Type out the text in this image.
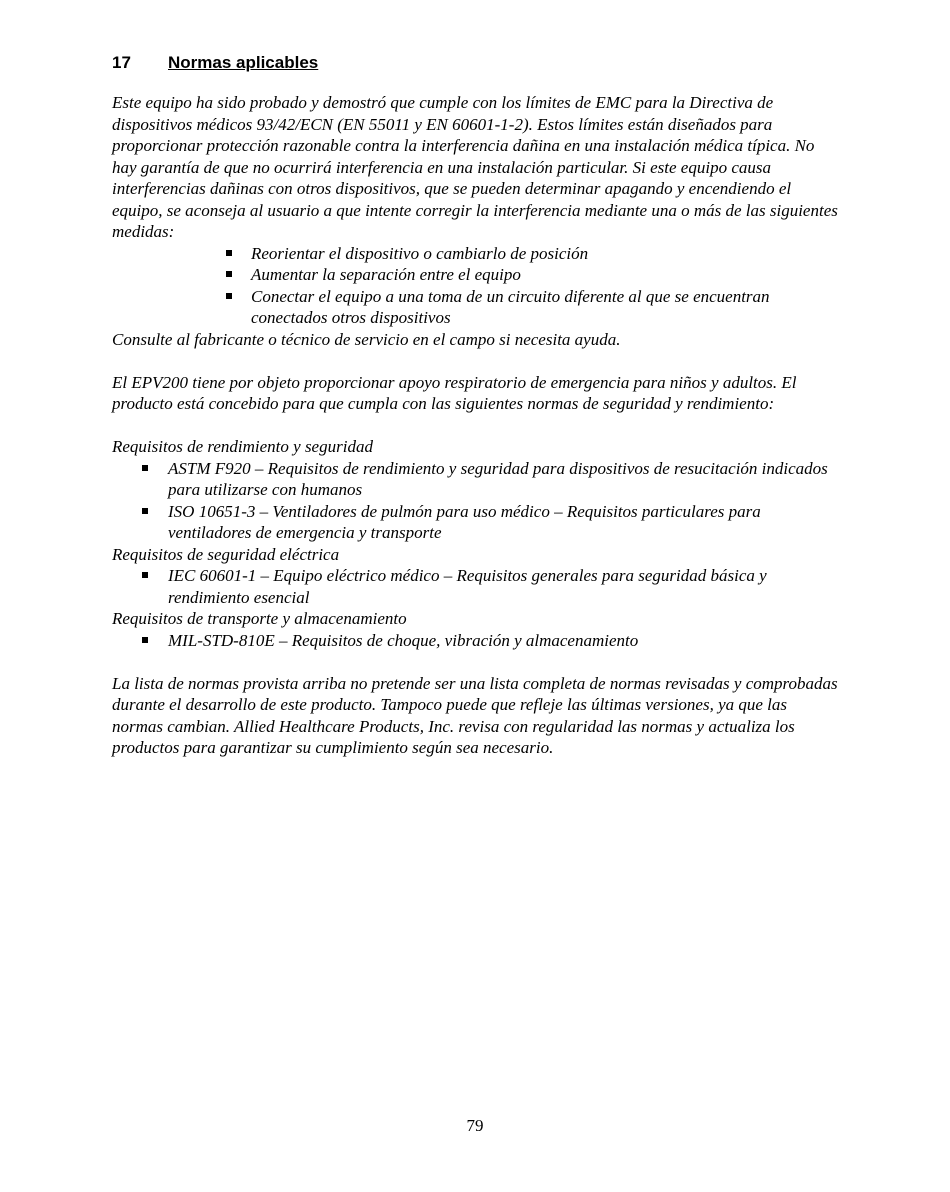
17 Normas aplicables

Este equipo ha sido probado y demostró que cumple con los límites de EMC para la Directiva de dispositivos médicos 93/42/ECN (EN 55011 y EN 60601-1-2). Estos límites están diseñados para proporcionar protección razonable contra la interferencia dañina en una instalación médica típica. No hay garantía de que no ocurrirá interferencia en una instalación particular. Si este equipo causa interferencias dañinas con otros dispositivos, que se pueden determinar apagando y encendiendo el equipo, se aconseja al usuario a que intente corregir la interferencia mediante una o más de las siguientes medidas:

Reorientar el dispositivo o cambiarlo de posición
Aumentar la separación entre el equipo
Conectar el equipo a una toma de un circuito diferente al que se encuentran conectados otros dispositivos

Consulte al fabricante o técnico de servicio en el campo si necesita ayuda.

El EPV200 tiene por objeto proporcionar apoyo respiratorio de emergencia para niños y adultos. El producto está concebido para que cumpla con las siguientes normas de seguridad y rendimiento:

Requisitos de rendimiento y seguridad

ASTM F920 – Requisitos de rendimiento y seguridad para dispositivos de resucitación indicados para utilizarse con humanos
ISO 10651-3 – Ventiladores de pulmón para uso médico – Requisitos particulares para ventiladores de emergencia y transporte

Requisitos de seguridad eléctrica

IEC 60601-1 – Equipo eléctrico médico – Requisitos generales para seguridad básica y rendimiento esencial

Requisitos de transporte y almacenamiento

MIL-STD-810E – Requisitos de choque, vibración y almacenamiento

La lista de normas provista arriba no pretende ser una lista completa de normas revisadas y comprobadas durante el desarrollo de este producto. Tampoco puede que refleje las últimas versiones, ya que las normas cambian. Allied Healthcare Products, Inc. revisa con regularidad las normas y actualiza los productos para garantizar su cumplimiento según sea necesario.

79
